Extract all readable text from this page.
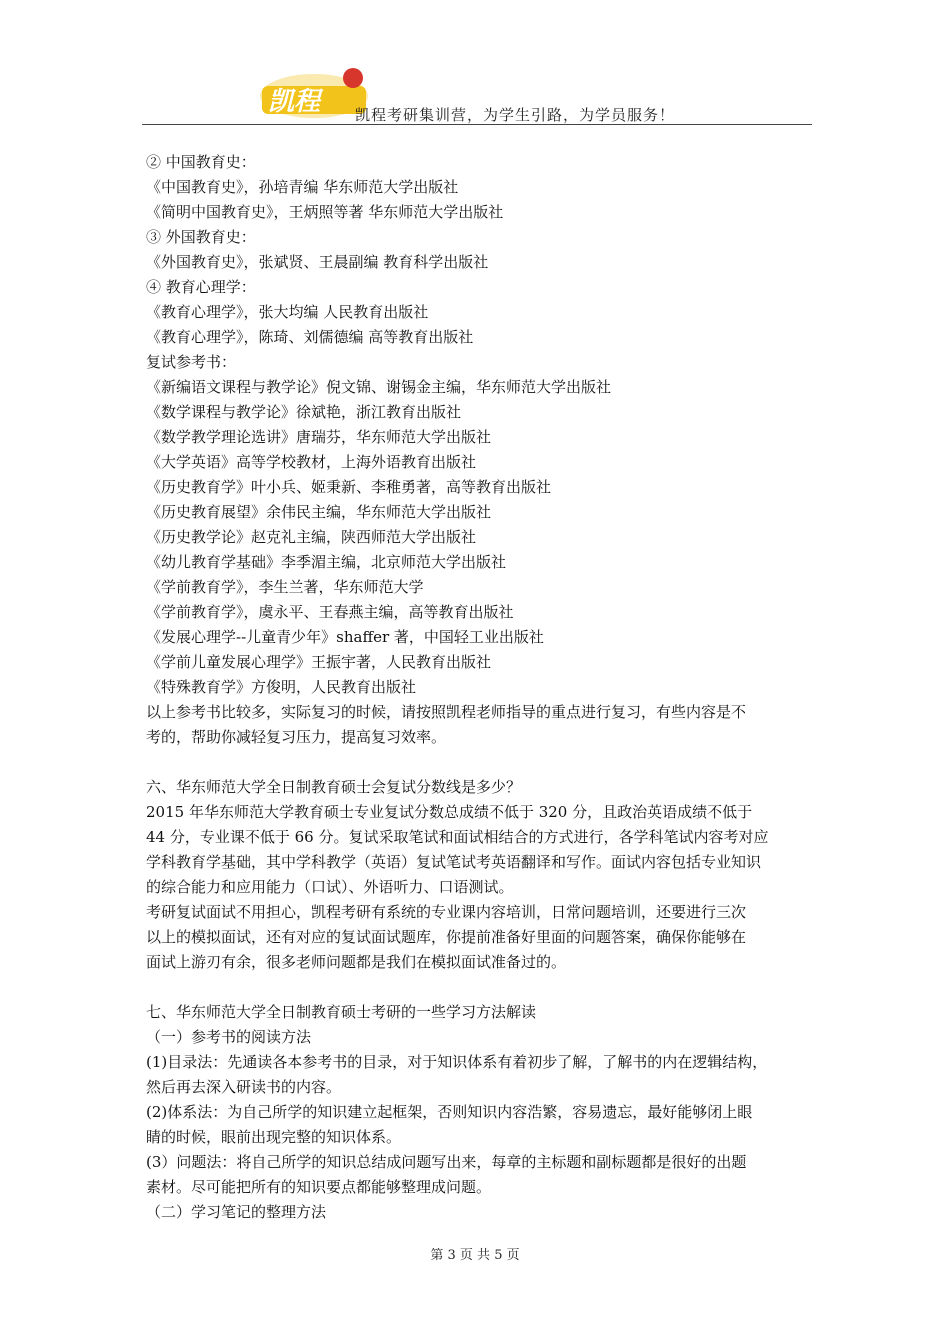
凯程 凯程考研集训营，为学生引路，为学员服务！
② 中国教育史：
《中国教育史》，孙培青编 华东师范大学出版社
《简明中国教育史》，王炳照等著 华东师范大学出版社
③ 外国教育史：
《外国教育史》，张斌贤、王晨副编 教育科学出版社
④ 教育心理学：
《教育心理学》，张大均编 人民教育出版社
《教育心理学》，陈琦、刘儒德编 高等教育出版社
复试参考书：
《新编语文课程与教学论》倪文锦、谢锡金主编，华东师范大学出版社
《数学课程与教学论》徐斌艳，浙江教育出版社
《数学教学理论选讲》唐瑞芬，华东师范大学出版社
《大学英语》高等学校教材，上海外语教育出版社
《历史教育学》叶小兵、姬秉新、李稚勇著，高等教育出版社
《历史教育展望》余伟民主编，华东师范大学出版社
《历史教学论》赵克礼主编，陕西师范大学出版社
《幼儿教育学基础》李季湄主编，北京师范大学出版社
《学前教育学》，李生兰著，华东师范大学
《学前教育学》，虞永平、王春燕主编，高等教育出版社
《发展心理学--儿童青少年》shaffer 著，中国轻工业出版社
《学前儿童发展心理学》王振宇著，人民教育出版社
《特殊教育学》方俊明，人民教育出版社
以上参考书比较多，实际复习的时候，请按照凯程老师指导的重点进行复习，有些内容是不
考的，帮助你减轻复习压力，提高复习效率。
六、华东师范大学全日制教育硕士会复试分数线是多少？
2015 年华东师范大学教育硕士专业复试分数总成绩不低于 320 分，且政治英语成绩不低于
44 分，专业课不低于 66 分。复试采取笔试和面试相结合的方式进行，各学科笔试内容考对应
学科教育学基础，其中学科教学（英语）复试笔试考英语翻译和写作。面试内容包括专业知识
的综合能力和应用能力（口试）、外语听力、口语测试。
考研复试面试不用担心，凯程考研有系统的专业课内容培训，日常问题培训，还要进行三次
以上的模拟面试，还有对应的复试面试题库，你提前准备好里面的问题答案，确保你能够在
面试上游刃有余，很多老师问题都是我们在模拟面试准备过的。
七、华东师范大学全日制教育硕士考研的一些学习方法解读
（一）参考书的阅读方法
(1)目录法：先通读各本参考书的目录，对于知识体系有着初步了解，了解书的内在逻辑结构，
然后再去深入研读书的内容。
(2)体系法：为自己所学的知识建立起框架，否则知识内容浩繁，容易遗忘，最好能够闭上眼
睛的时候，眼前出现完整的知识体系。
(3）问题法：将自己所学的知识总结成问题写出来，每章的主标题和副标题都是很好的出题
素材。尽可能把所有的知识要点都能够整理成问题。
（二）学习笔记的整理方法
第 3 页 共 5 页
